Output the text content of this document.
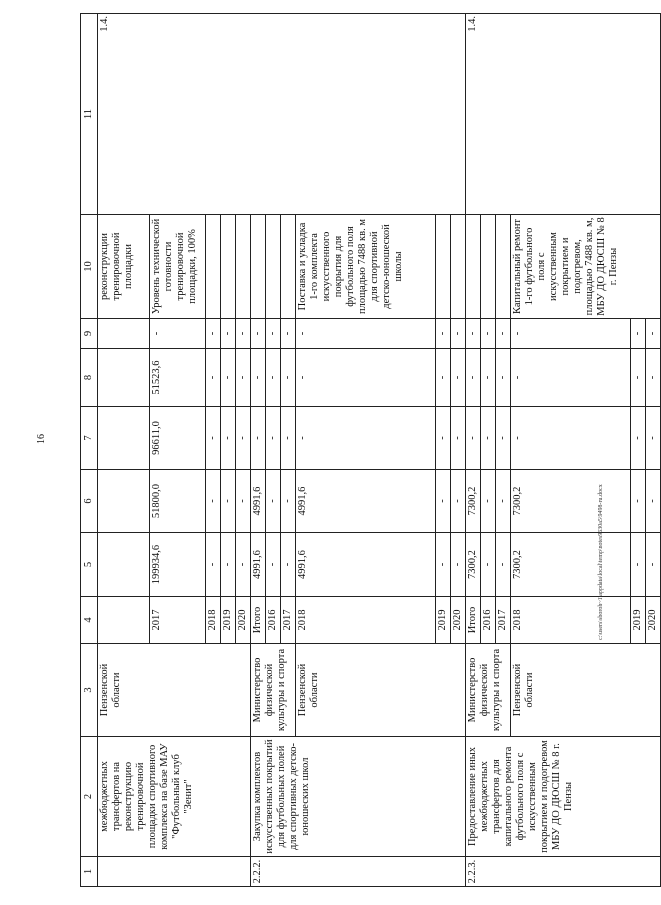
16
1	2	3	4	5	6	7	8	9	10	11
	межбюджетных трансфертов на реконструкцию тренировочной площадки спортивного комплекса на базе МАУ "Футбольный клуб "Зенит"	Пензенской области							реконструкции тренировочной площадки	1.4.
			2017	199934,6	51800,0	96611,0	51523,6	-	Уровень технической готовности тренировочной площадки, 100%	
			2018	-	-	-	-	-		
			2019	-	-	-	-	-		
			2020	-	-	-	-	-		
2.2.2.	Закупка комплектов искусственных покрытий для футбольных полей для спортивных детско-юношеских школ	Министерство физической культуры и спорта	Итого	4991,6	4991,6	-	-	-		
			2016	-	-	-	-	-		
			2017	-	-	-	-	-		
		Пензенской области	2018	4991,6	4991,6	-	-	-	Поставка и укладка 1-го комплекта искусственного покрытия для футбольного поля площадью 7488 кв. м для спортивной детско-юношеской школы	
			2019	-	-	-	-	-		
			2020	-	-	-	-	-		
2.2.3.	Предоставление иных межбюджетных трансфертов для капитального ремонта футбольного поля с искусственным покрытием и подогревом МБУ ДО ДЮСШ № 8 г. Пензы	Министерство физической культуры и спорта	Итого	7300,2	7300,2	-	-	-		1.4.
			2016	-	-	-	-	-		
			2017	-	-	-	-	-		
		Пензенской области	2018	7300,2	7300,2	-	-	-	Капитальный ремонт 1-го футбольного поля с искусственным покрытием и подогревом, площадью 7488 кв. м, МБУ ДО ДЮСШ № 8 г. Пензы	
			2019	-	-	-	-	-		
			2020	-	-	-	-	-		
c:\users\sboroh~1\appdata\local\temp\notes9630a5\9498-ru.docx
